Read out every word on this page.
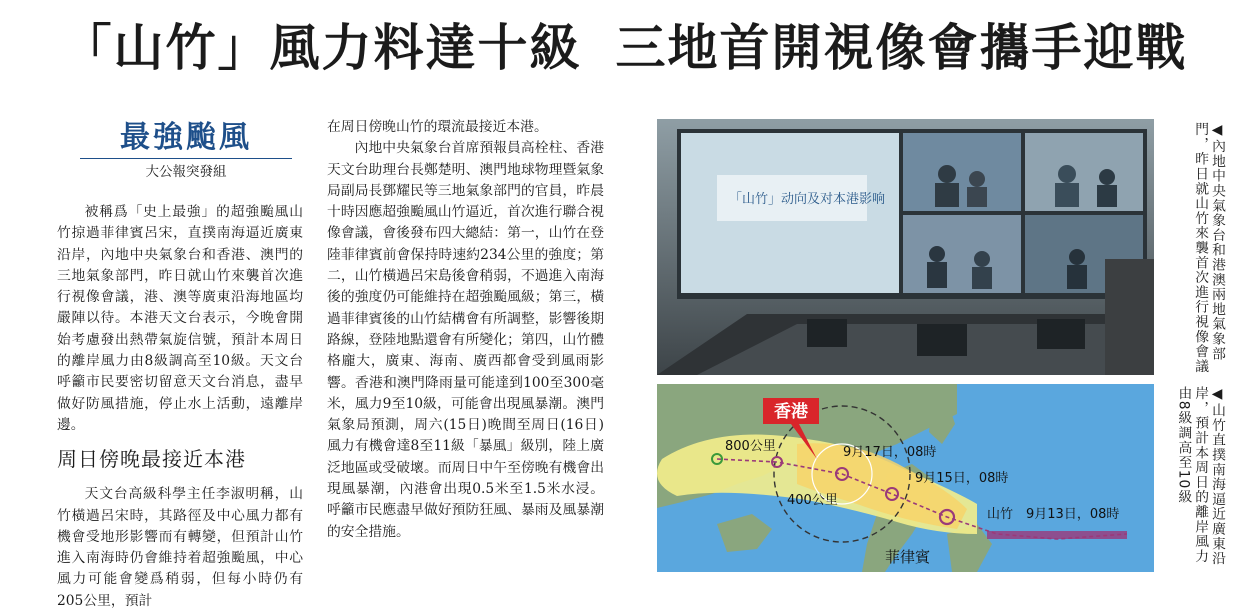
「山竹」風力料達十級 三地首開視像會攜手迎戰
最強颱風
大公報突發組

被稱爲「史上最強」的超強颱風山竹掠過菲律賓呂宋，直撲南海逼近廣東沿岸，內地中央氣象台和香港、澳門的三地氣象部門，昨日就山竹來襲首次進行視像會議，港、澳等廣東沿海地區均嚴陣以待。本港天文台表示，今晚會開始考慮發出熱帶氣旋信號，預計本周日的離岸風力由8級調高至10級。天文台呼籲市民要密切留意天文台消息，盡早做好防風措施，停止水上活動，遠離岸邊。

周日傍晚最接近本港

天文台高級科學主任李淑明稱，山竹橫過呂宋時，其路徑及中心風力都有機會受地形影響而有轉變，但預計山竹進入南海時仍會維持着超強颱風，中心風力可能會變爲稍弱，但每小時仍有205公里，預計

在周日傍晚山竹的環流最接近本港。

內地中央氣象台首席預報員高栓柱、香港天文台助理台長鄭楚明、澳門地球物理暨氣象局副局長鄧耀民等三地氣象部門的官員，昨晨十時因應超強颱風山竹逼近，首次進行聯合視像會議，會後發布四大總結：第一，山竹在登陸菲律賓前會保持時速約234公里的強度；第二，山竹橫過呂宋島後會稍弱，不過進入南海後的強度仍可能維持在超強颱風級；第三，橫過菲律賓後的山竹結構會有所調整，影響後期路線，登陸地點還會有所變化；第四，山竹體格龐大，廣東、海南、廣西都會受到風雨影響。香港和澳門降雨量可能達到100至300毫米，風力9至10級，可能會出現風暴潮。澳門氣象局預測，周六(15日)晚間至周日(16日)風力有機會達8至11級「暴風」級別，陸上廣泛地區或受破壞。而周日中午至傍晚有機會出現風暴潮，內港會出現0.5米至1.5米水浸。呼籲市民應盡早做好預防狂風、暴雨及風暴潮的安全措施。

「山竹」动向及对本港影响	◀內地中央氣象台和港澳兩地氣象部門，昨日就山竹來襲首次進行視像會議
香港
800公里
400公里
9月17日，08時
9月15日，08時
山竹　9月13日，08時
菲律賓	◀山竹直撲南海逼近廣東沿岸，預計本周日的離岸風力由8級調高至10級
